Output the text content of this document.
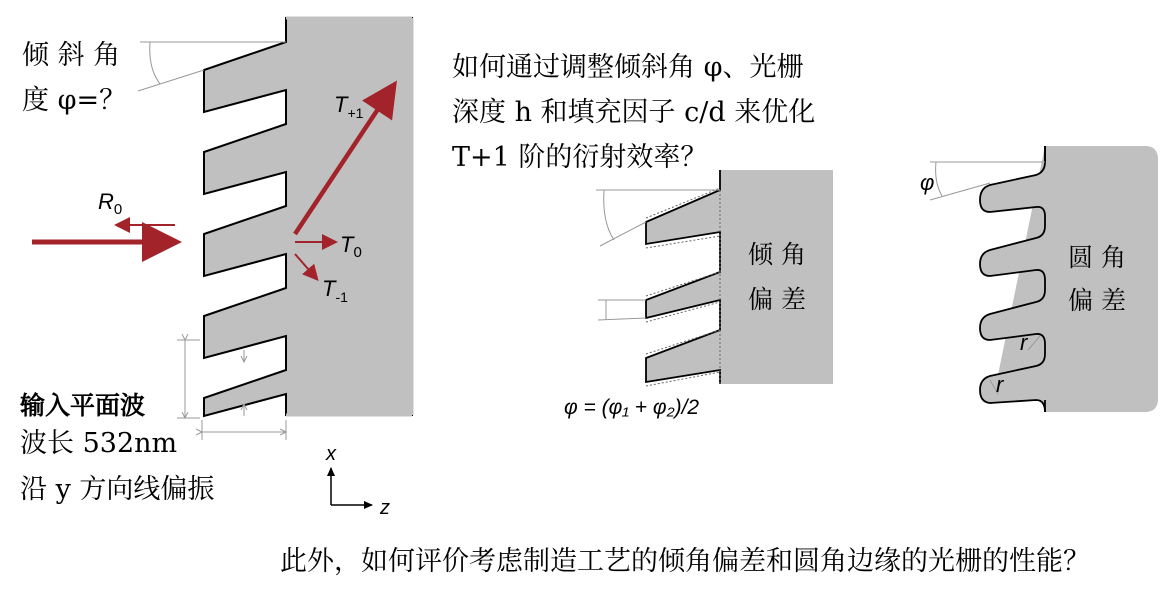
$R_0$
$T_{+1}$
$T_0$
$T_{-1}$
x
z
φ = (φ₁ + φ₂)/2
φ
r
r
倾 斜 角
度 φ=？
输入平面波
波长 532nm
沿 y 方向线偏振
如何通过调整倾斜角 φ、光栅
深度 h 和填充因子 c/d 来优化
T+1 阶的衍射效率？
倾 角
偏 差
圆 角
偏 差
此外，如何评价考虑制造工艺的倾角偏差和圆角边缘的光栅的性能？
